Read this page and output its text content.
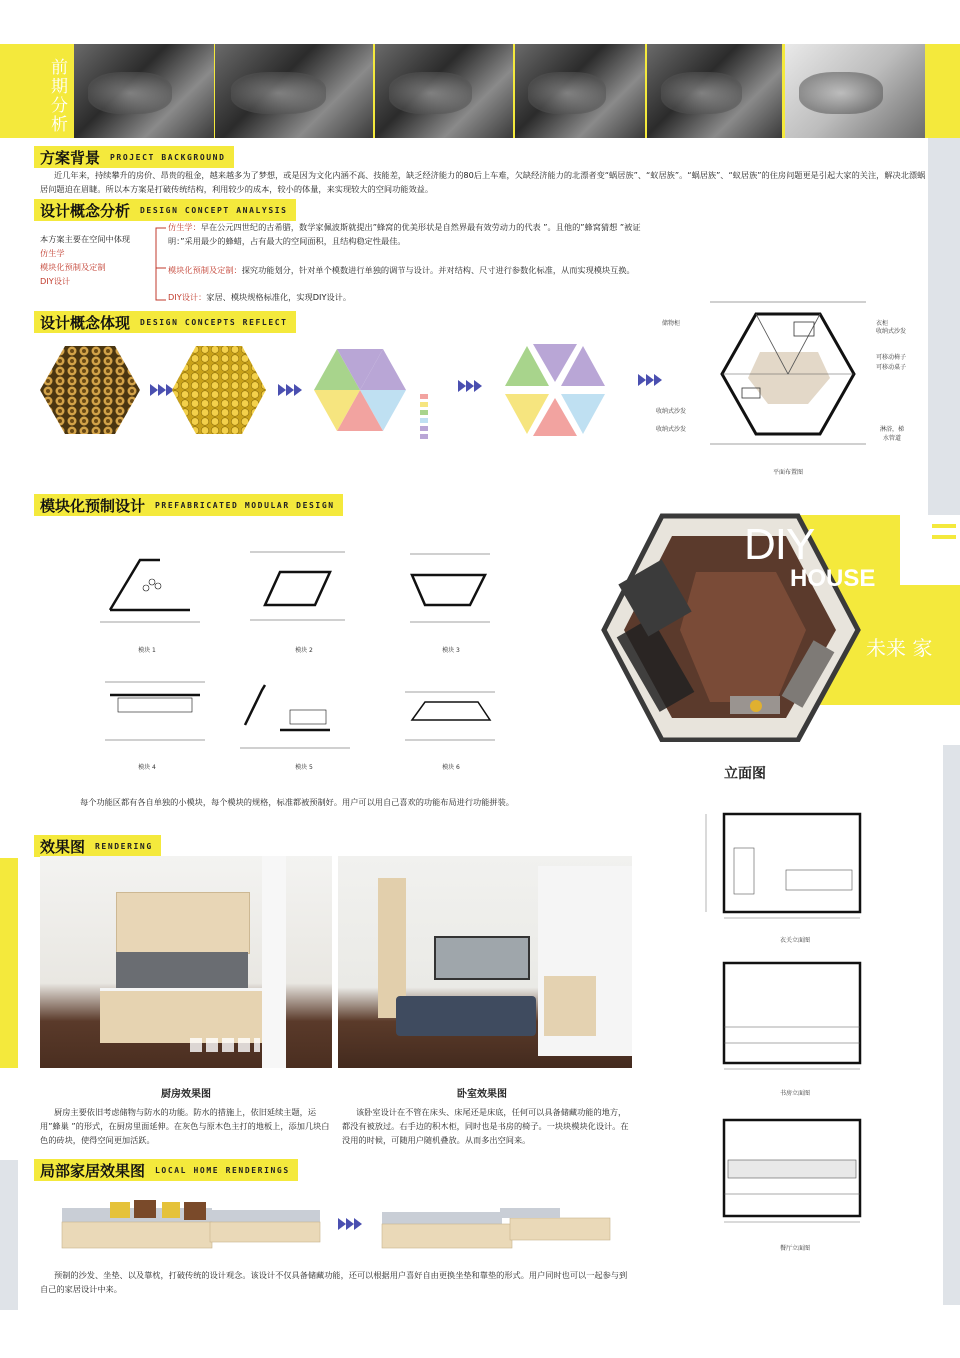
前期分析
方案背景 PROJECT BACKGROUND
近几年来，持续攀升的房价、昂贵的租金，越来越多为了梦想，或是因为文化内涵不高、技能差，缺乏经济能力的80后上车难，欠缺经济能力的北漂者变“蜗居族”、“蚁居族”。“蜗居族”、“蚁居族”的住房问题更是引起大家的关注，解决北漂蜗居问题迫在眉睫。所以本方案是打破传统结构，利用较少的成本，较小的体量，来实现较大的空间功能效益。
设计概念分析 DESIGN CONCEPT ANALYSIS
本方案主要在空间中体现
仿生学
模块化预制及定制
DIY设计
仿生学：早在公元四世纪的古希腊，数学家佩波斯就提出”蜂窝的优美形状是自然界最有效劳动力的代表 ”。且他的”蜂窝猜想 ”被证明：”采用最少的蜂蜡，占有最大的空间面积，且结构稳定性最佳。
模块化预制及定制：探究功能划分，针对单个模数进行单独的调节与设计。并对结构、尺寸进行参数化标准，从而实现模块互换。
DIY设计：家居、模块规格标准化，实现DIY设计。
设计概念体现 DESIGN CONCEPTS REFLECT	储物柜
收纳式沙发
收纳式沙发
衣柜
收纳式沙发
可移动椅子
可移动桌子
淋浴，梯水管道
平面布置图
模块化预制设计 PREFABRICATED MODULAR DESIGN
模块 1	模块 2	模块 3
模块 4	模块 5	模块 6
每个功能区都有各自单独的小模块，每个模块的规格，标准都被预制好。用户可以用自己喜欢的功能布局进行功能拼装。
DIY
HOUSE
未来 家
立面图
衣关立面图
书房立面图
餐厅立面图
效果图 RENDERING
厨房效果图
厨房主要依旧考虑储物与防水的功能。防水的措施上，依旧延续主题，运用”蜂巢 ”的形式，在厨房里面延伸。在灰色与原木色主打的地板上，添加几块白色的砖块，使得空间更加活跃。
卧室效果图
该卧室设计在不管在床头、床尾还是床底，任何可以具备储藏功能的地方，都没有被放过。右手边的积木柜，同时也是书房的椅子。一块块模块化设计。在没用的时候，可随用户随机叠放。从而多出空间来。
局部家居效果图 LOCAL HOME RENDERINGS
预制的沙发、坐垫、以及靠枕，打破传统的设计观念。该设计不仅具备储藏功能，还可以根据用户喜好自由更换坐垫和靠垫的形式。用户同时也可以一起参与到自己的家居设计中来。
